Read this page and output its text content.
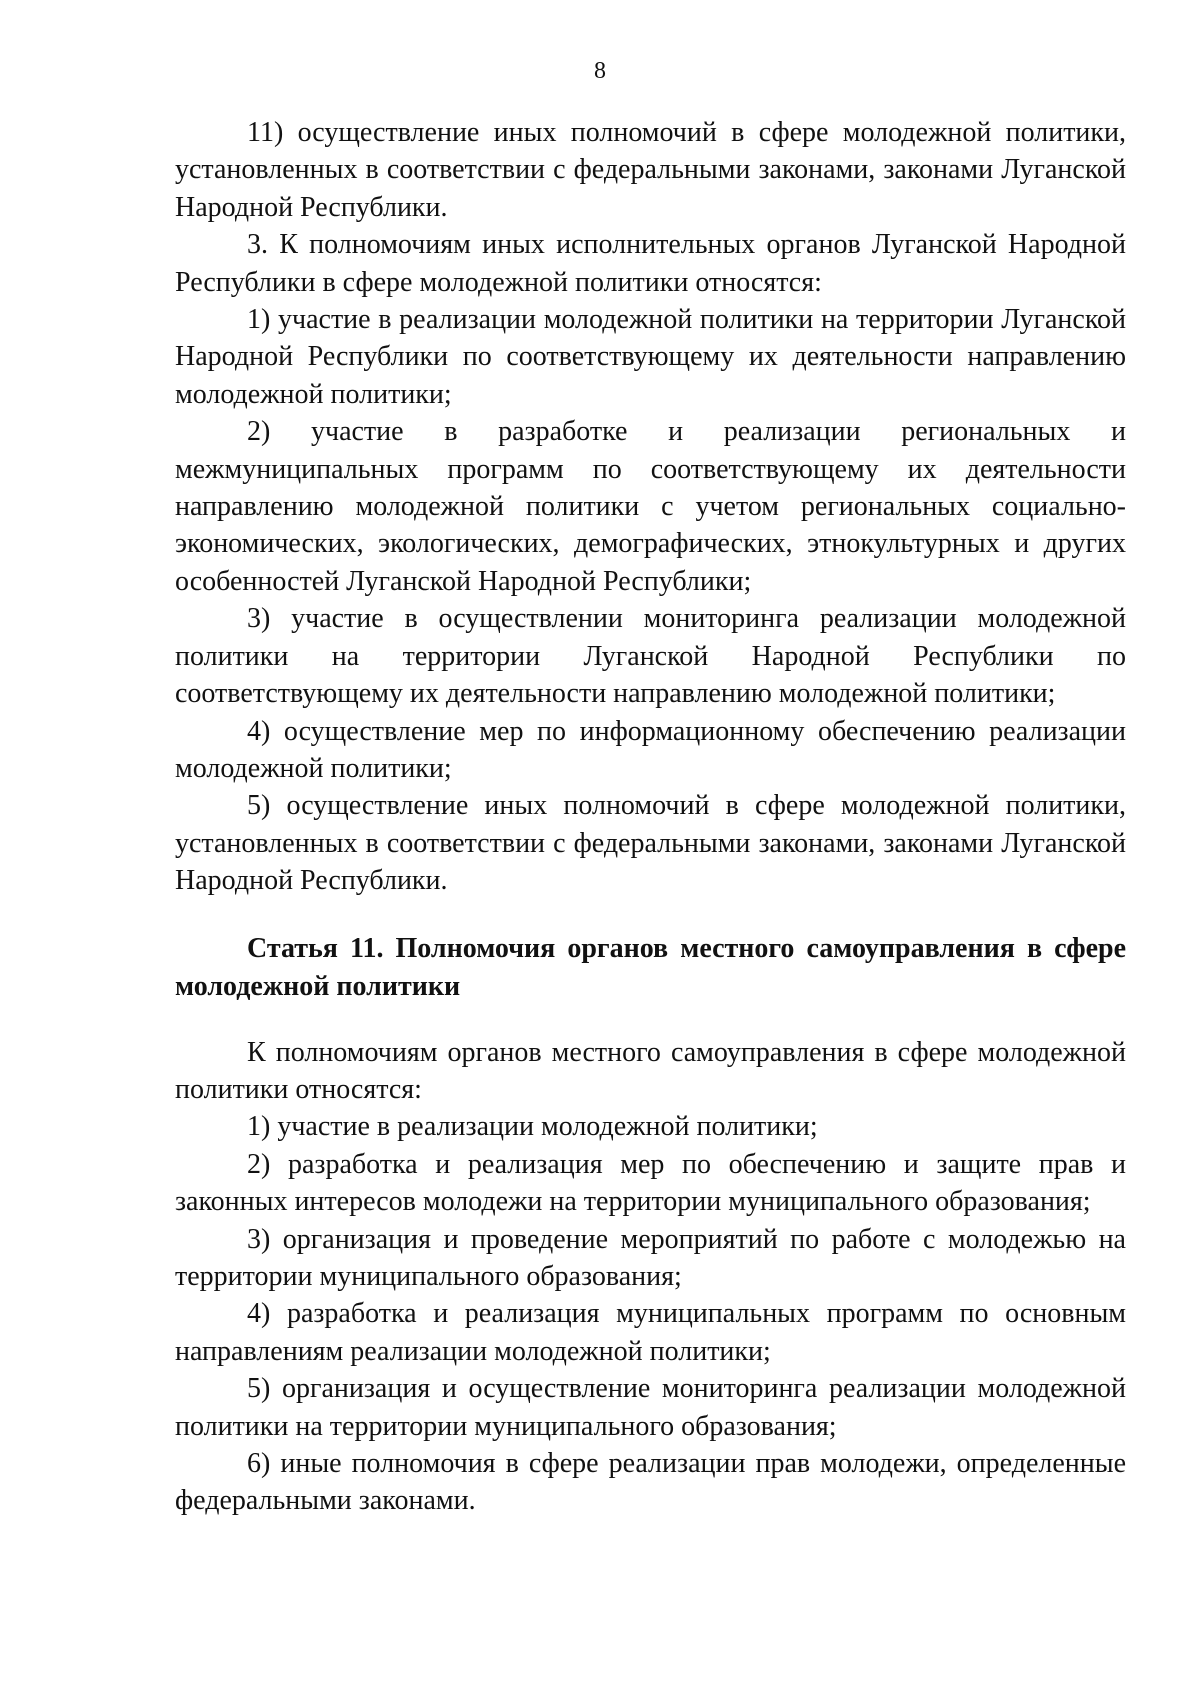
8

11) осуществление иных полномочий в сфере молодежной политики, установленных в соответствии с федеральными законами, законами Луганской Народной Республики.

3. К полномочиям иных исполнительных органов Луганской Народной Республики в сфере молодежной политики относятся:

1) участие в реализации молодежной политики на территории Луганской Народной Республики по соответствующему их деятельности направлению молодежной политики;

2) участие в разработке и реализации региональных и межмуниципальных программ по соответствующему их деятельности направлению молодежной политики с учетом региональных социально-экономических, экологических, демографических, этнокультурных и других особенностей Луганской Народной Республики;

3) участие в осуществлении мониторинга реализации молодежной политики на территории Луганской Народной Республики по соответствующему их деятельности направлению молодежной политики;

4) осуществление мер по информационному обеспечению реализации молодежной политики;

5) осуществление иных полномочий в сфере молодежной политики, установленных в соответствии с федеральными законами, законами Луганской Народной Республики.

Статья 11. Полномочия органов местного самоуправления в сфере молодежной политики

К полномочиям органов местного самоуправления в сфере молодежной политики относятся:

1) участие в реализации молодежной политики;

2) разработка и реализация мер по обеспечению и защите прав и законных интересов молодежи на территории муниципального образования;

3) организация и проведение мероприятий по работе с молодежью на территории муниципального образования;

4) разработка и реализация муниципальных программ по основным направлениям реализации молодежной политики;

5) организация и осуществление мониторинга реализации молодежной политики на территории муниципального образования;

6) иные полномочия в сфере реализации прав молодежи, определенные федеральными законами.
